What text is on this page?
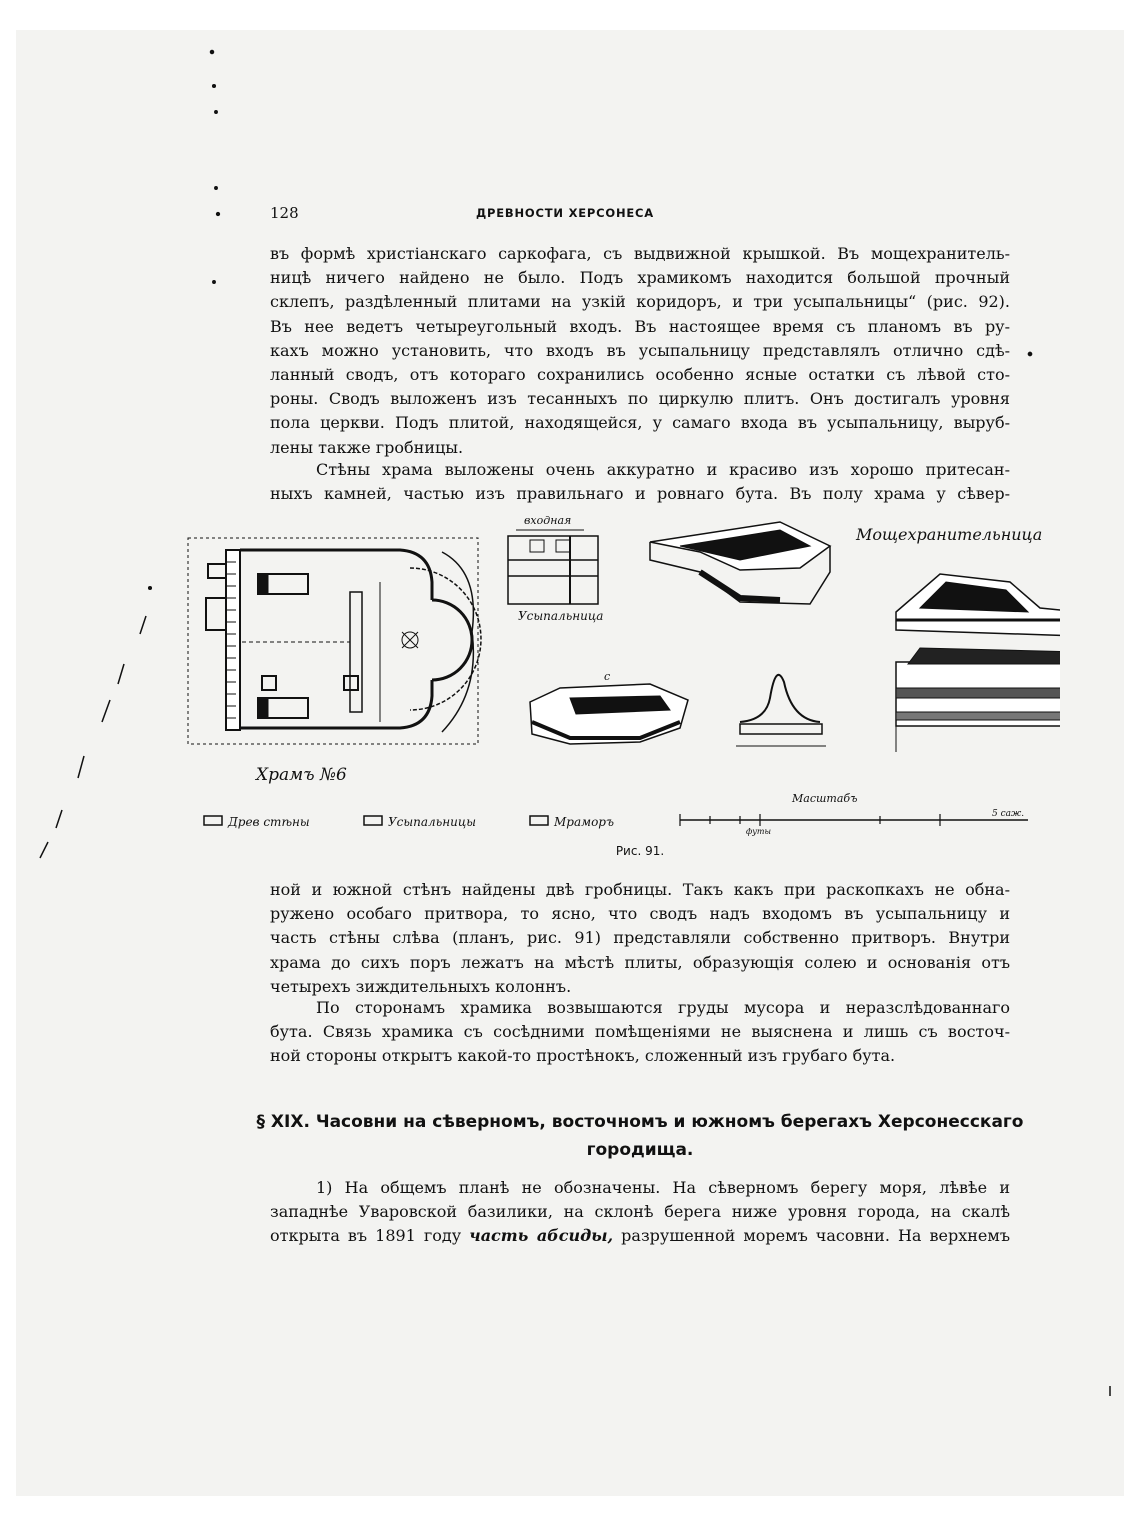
128	ДРЕВНОСТИ ХЕРСОНЕСА
въ формѣ христіанскаго саркофага, съ выдвижной крышкой. Въ мощехранитель-
ницѣ ничего найдено не было. Подъ храмикомъ находится большой прочный
склепъ, раздѣленный плитами на узкій коридоръ, и три усыпальницы“ (рис. 92).
Въ нее ведетъ четыреугольный входъ. Въ настоящее время съ планомъ въ ру-
кахъ можно установить, что входъ въ усыпальницу представлялъ отлично сдѣ-
ланный сводъ, отъ котораго сохранились особенно ясные остатки съ лѣвой сто-
роны. Сводъ выложенъ изъ тесанныхъ по циркулю плитъ. Онъ достигалъ уровня
пола церкви. Подъ плитой, находящейся, у самаго входа въ усыпальницу, выруб-
лены также гробницы.
Стѣны храма выложены очень аккуратно и красиво изъ хорошо притесан-
ныхъ камней, частью изъ правильнаго и ровнаго бута. Въ полу храма у сѣвер-
Храмъ №6
входная
Усыпальница
Мощехранительница
c
Масштабъ
Древ стѣны	Усыпальницы	Мраморъ
5 саж.
футы
Рис. 91.
ной и южной стѣнъ найдены двѣ гробницы. Такъ какъ при раскопкахъ не обна-
ружено особаго притвора, то ясно, что сводъ надъ входомъ въ усыпальницу и
часть стѣны слѣва (планъ, рис. 91) представляли собственно притворъ. Внутри
храма до сихъ поръ лежатъ на мѣстѣ плиты, образующія солею и основанія отъ
четырехъ зиждительныхъ колоннъ.
По сторонамъ храмика возвышаются груды мусора и неразслѣдованнаго
бута. Связь храмика съ сосѣдними помѣщеніями не выяснена и лишь съ восточ-
ной стороны открытъ какой-то простѣнокъ, сложенный изъ грубаго бута.
§ XIX. Часовни на сѣверномъ, восточномъ и южномъ берегахъ Херсонесскаго
городища.
1) На общемъ планѣ не обозначены. На сѣверномъ берегу моря, лѣвѣе и
западнѣе Уваровской базилики, на склонѣ берега ниже уровня города, на скалѣ
открыта въ 1891 году часть абсиды, разрушенной моремъ часовни. На верхнемъ
